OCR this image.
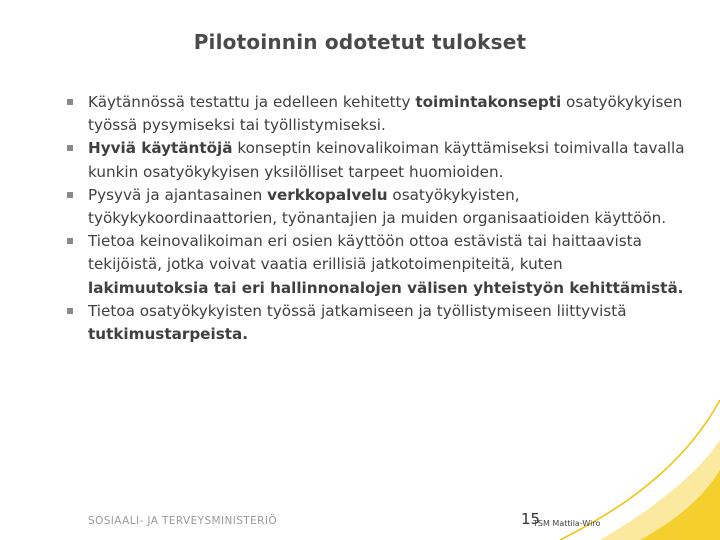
Pilotoinnin odotetut tulokset
Käytännössä testattu ja edelleen kehitetty toimintakonsepti osatyökykyisen työssä pysymiseksi tai työllistymiseksi.
Hyviä käytäntöjä konseptin keinovalikoiman käyttämiseksi toimivalla tavalla kunkin osatyökykyisen yksilölliset tarpeet huomioiden.
Pysyvä ja ajantasainen verkkopalvelu osatyökykyisten, työkykykoordinaattorien, työnantajien ja muiden organisaatioiden käyttöön.
Tietoa keinovalikoiman eri osien käyttöön ottoa estävistä tai haittaavista tekijöistä, jotka voivat vaatia erillisiä jatkotoimenpiteitä, kuten lakimuutoksia tai eri hallinnonalojen välisen yhteistyön kehittämistä.
Tietoa osatyökykyisten työssä jatkamiseen ja työllistymiseen liittyvistä tutkimustarpeista.
SOSIAALI- JA TERVEYSMINISTERIÖ	15
TSM Mattila-Wiro
